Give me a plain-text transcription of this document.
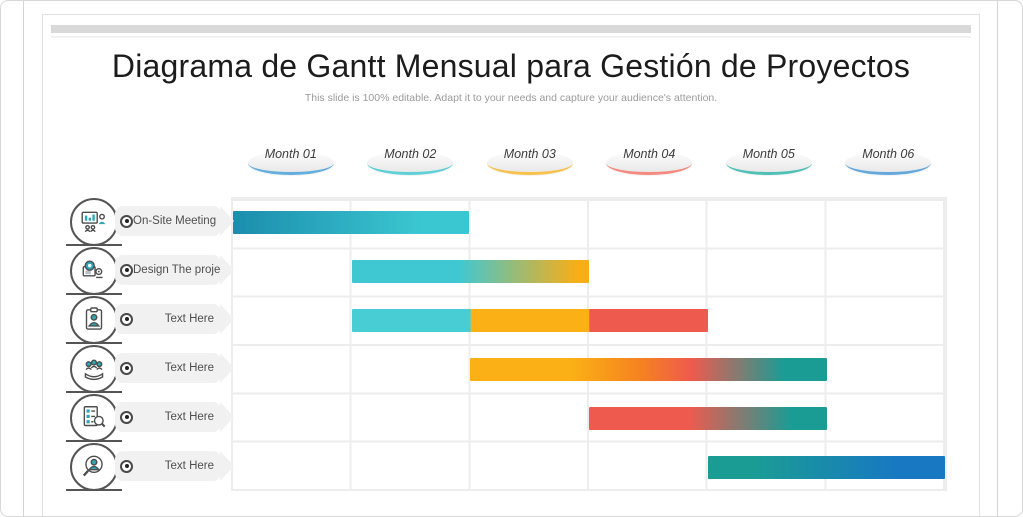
Diagrama de Gantt Mensual para Gestión de Proyectos
This slide is 100% editable. Adapt it to your needs and capture your audience's attention.
Month 01	Month 02	Month 03	Month 04	Month 05	Month 06
On-Site Meeting
Design The project
Text Here
Text Here
Text Here
Text Here
